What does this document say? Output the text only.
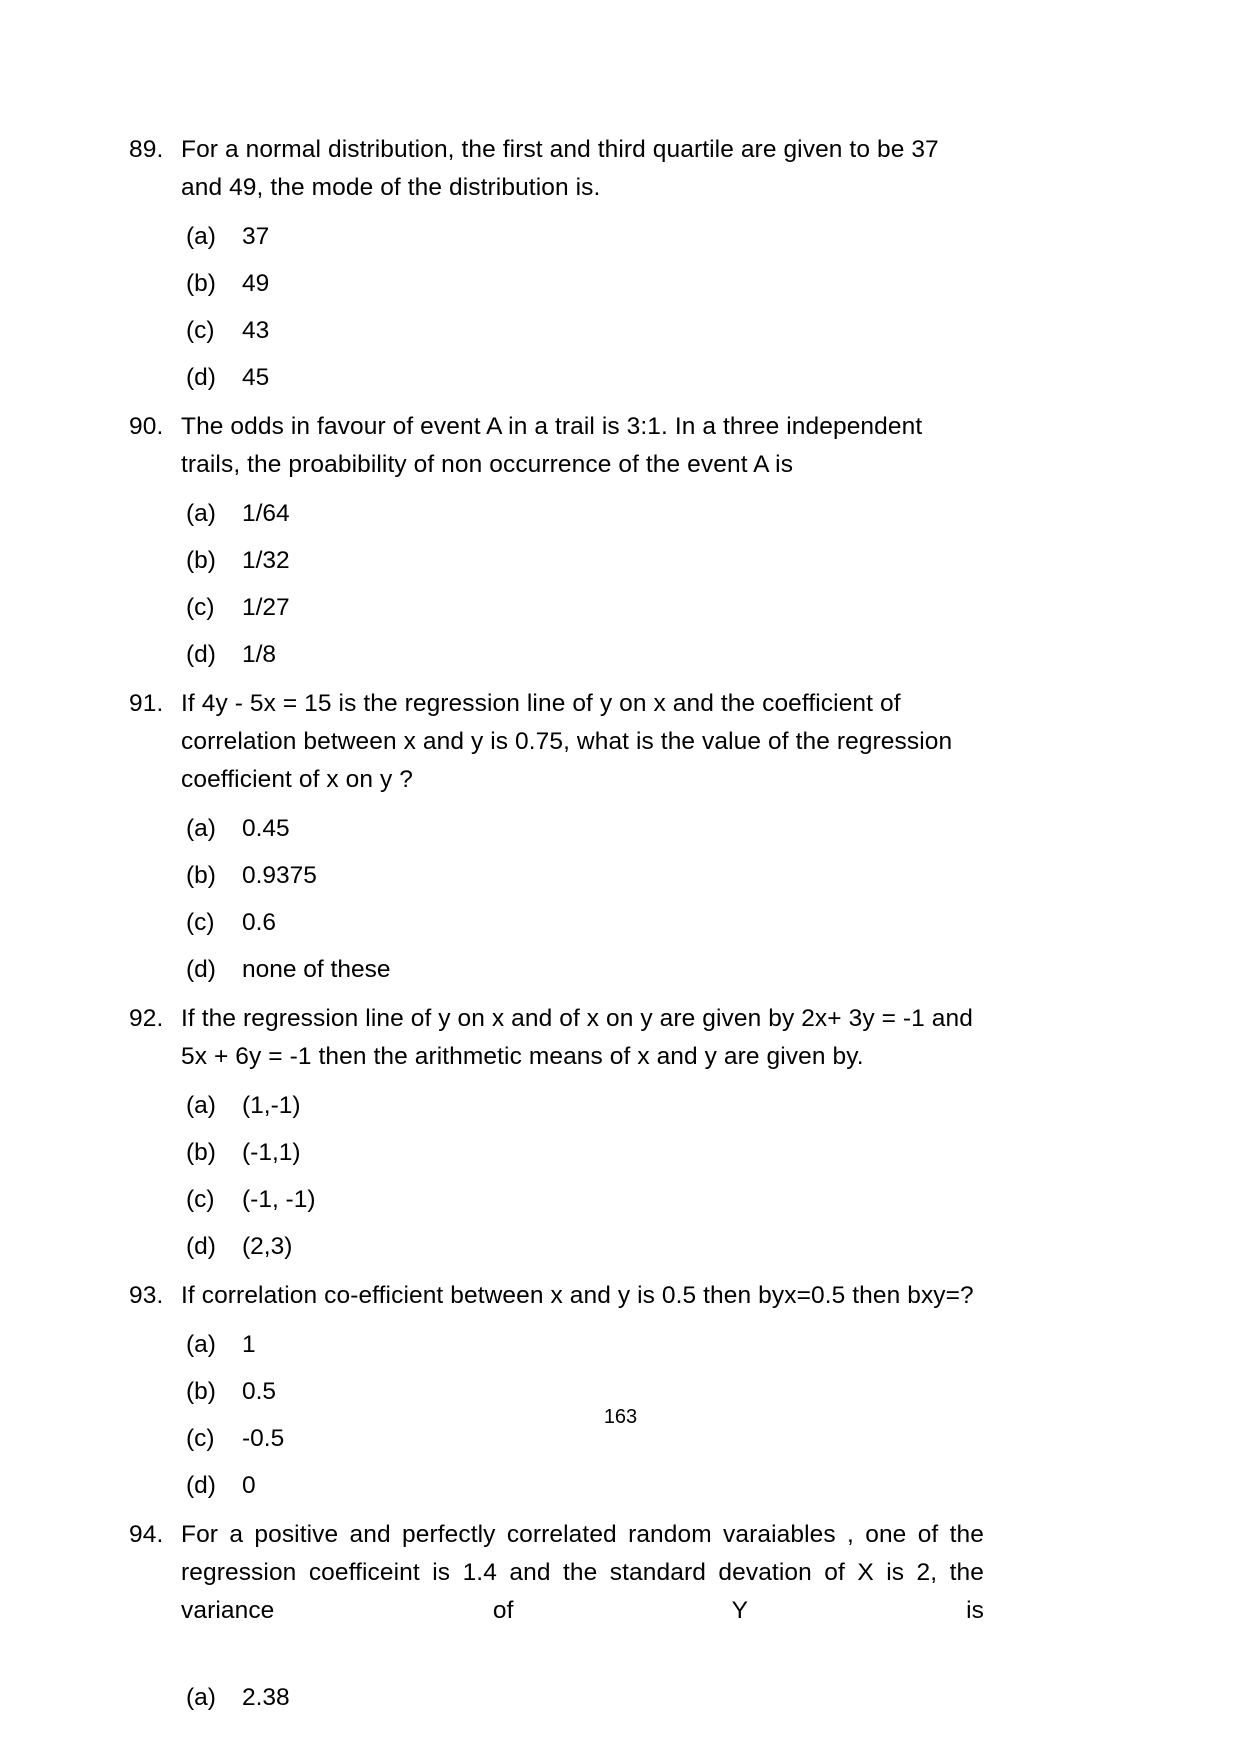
89. For a normal distribution, the first and third quartile are given to be 37 and 49, the mode of the distribution is.
(a)	37
(b)	49
(c)	43
(d)	45
90. The odds in favour of event A in a trail is 3:1. In a three independent trails, the proabibility of non occurrence of the event A is
(a)	1/64
(b)	1/32
(c)	1/27
(d)	1/8
91. If 4y - 5x = 15 is the regression line of y on x and the coefficient of correlation between x and y is 0.75, what is the value of the regression coefficient of x on y ?
(a)	0.45
(b)	0.9375
(c)	0.6
(d)	none of these
92. If the regression line of y on x and of x on y are given by 2x+ 3y = -1 and 5x + 6y = -1 then the arithmetic means of x and y are given by.
(a)	(1,-1)
(b)	(-1,1)
(c)	(-1, -1)
(d)	(2,3)
93. If correlation co-efficient between x and y is 0.5 then byx=0.5 then bxy=?
(a)	1
(b)	0.5
(c)	-0.5
(d)	0
94. For a positive and perfectly correlated random varaiables , one of the regression coefficeint is 1.4 and the standard devation of X is 2, the variance of Y is
(a)	2.38
163
